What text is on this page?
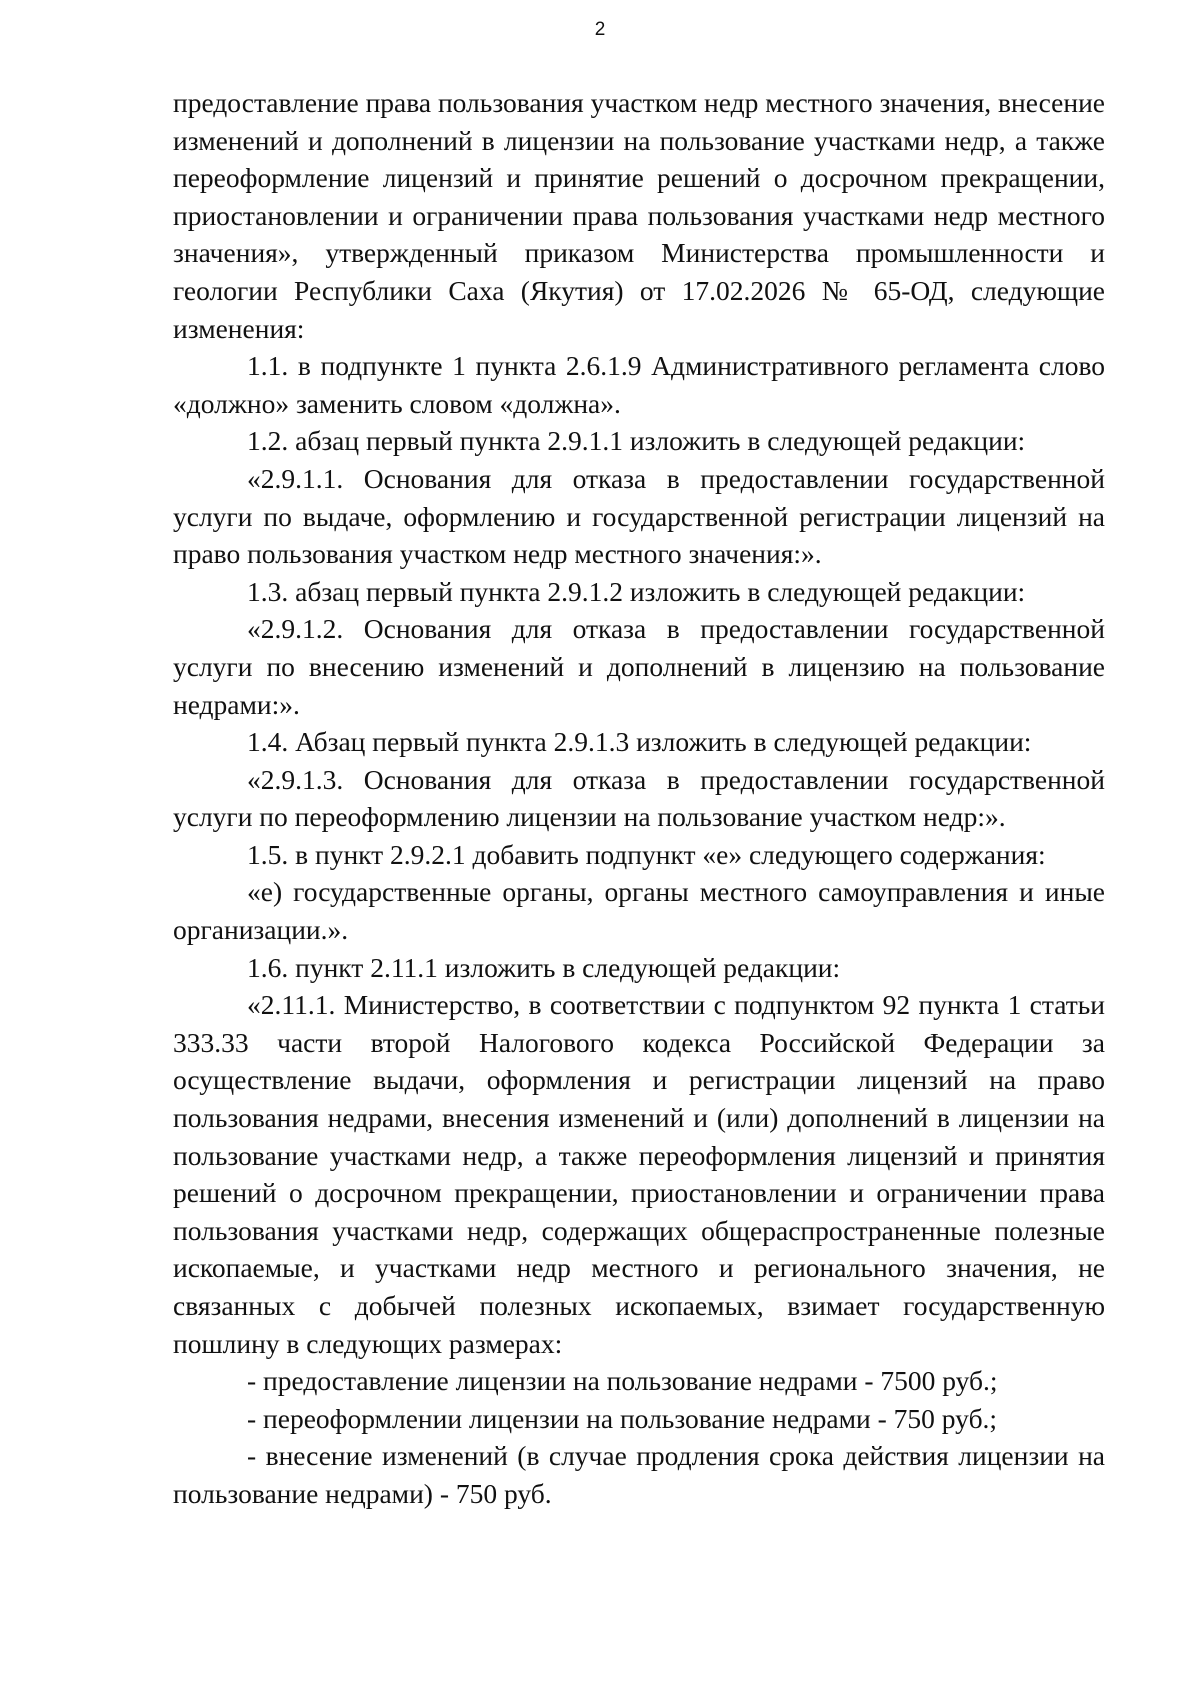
2

предоставление права пользования участком недр местного значения, внесение изменений и дополнений в лицензии на пользование участками недр, а также переоформление лицензий и принятие решений о досрочном прекращении, приостановлении и ограничении права пользования участками недр местного значения», утвержденный приказом Министерства промышленности и геологии Республики Саха (Якутия) от 17.02.2026 № 65-ОД, следующие изменения:

1.1. в подпункте 1 пункта 2.6.1.9 Административного регламента слово «должно» заменить словом «должна».

1.2. абзац первый пункта 2.9.1.1 изложить в следующей редакции:

«2.9.1.1. Основания для отказа в предоставлении государственной услуги по выдаче, оформлению и государственной регистрации лицензий на право пользования участком недр местного значения:».

1.3. абзац первый пункта 2.9.1.2 изложить в следующей редакции:

«2.9.1.2. Основания для отказа в предоставлении государственной услуги по внесению изменений и дополнений в лицензию на пользование недрами:».

1.4. Абзац первый пункта 2.9.1.3 изложить в следующей редакции:

«2.9.1.3. Основания для отказа в предоставлении государственной услуги по переоформлению лицензии на пользование участком недр:».

1.5. в пункт 2.9.2.1 добавить подпункт «е» следующего содержания:

«е) государственные органы, органы местного самоуправления и иные организации.».

1.6. пункт 2.11.1 изложить в следующей редакции:

«2.11.1. Министерство, в соответствии с подпунктом 92 пункта 1 статьи 333.33 части второй Налогового кодекса Российской Федерации за осуществление выдачи, оформления и регистрации лицензий на право пользования недрами, внесения изменений и (или) дополнений в лицензии на пользование участками недр, а также переоформления лицензий и принятия решений о досрочном прекращении, приостановлении и ограничении права пользования участками недр, содержащих общераспространенные полезные ископаемые, и участками недр местного и регионального значения, не связанных с добычей полезных ископаемых, взимает государственную пошлину в следующих размерах:

- предоставление лицензии на пользование недрами - 7500 руб.;

- переоформлении лицензии на пользование недрами - 750 руб.;

- внесение изменений (в случае продления срока действия лицензии на пользование недрами) - 750 руб.
